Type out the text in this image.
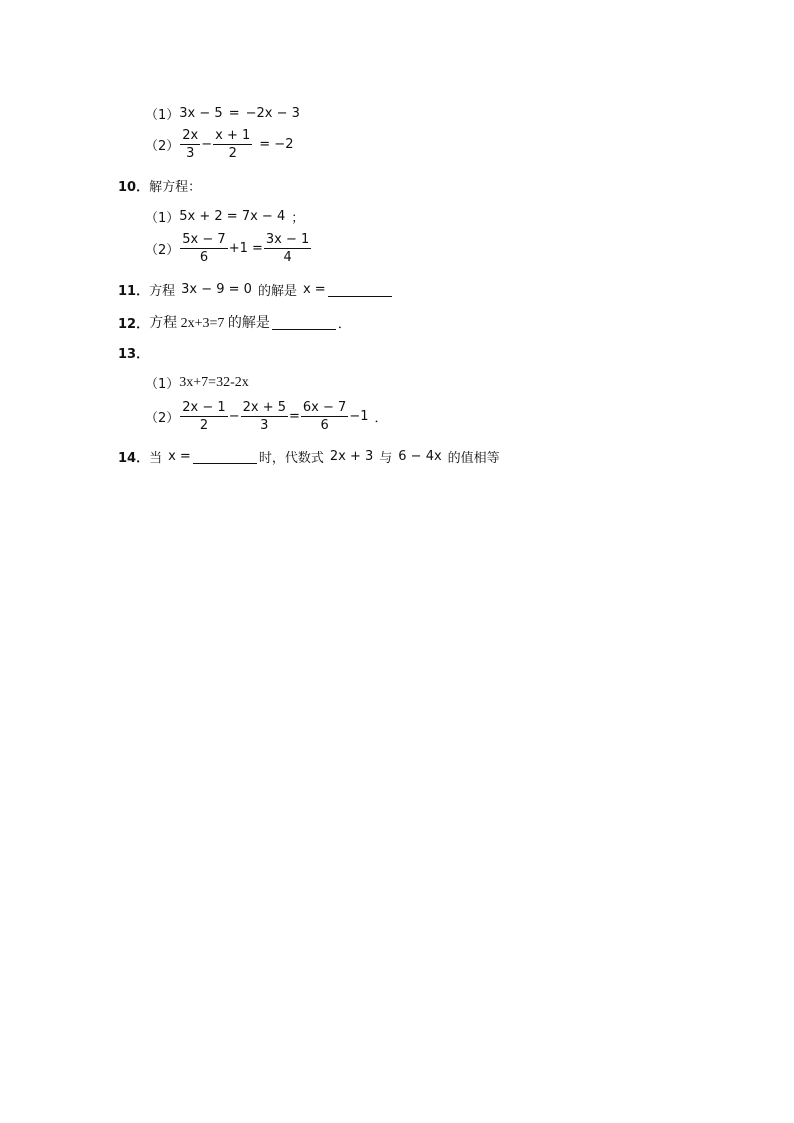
（1） 3x − 5 = −2x − 3
$(2) \frac{2x}{3} - \frac{x + 1}{2} = -2$
10． 解方程：
（1） 5x + 2 = 7x − 4 ；
$(2) \frac{5x - 7}{6} +1 = \frac{3x - 1}{4}$
11． 方程 3x − 9 = 0 的解是 x =
12． 方程 2x+3=7 的解是	．
13．
（1） 3x+7=32-2x
$(2) \frac{2x - 1}{2} - \frac{2x + 5}{3} = \frac{6x - 7}{6} -1$ ．
14． 当 x =	时，代数式 2x + 3 与 6 − 4x 的值相等
